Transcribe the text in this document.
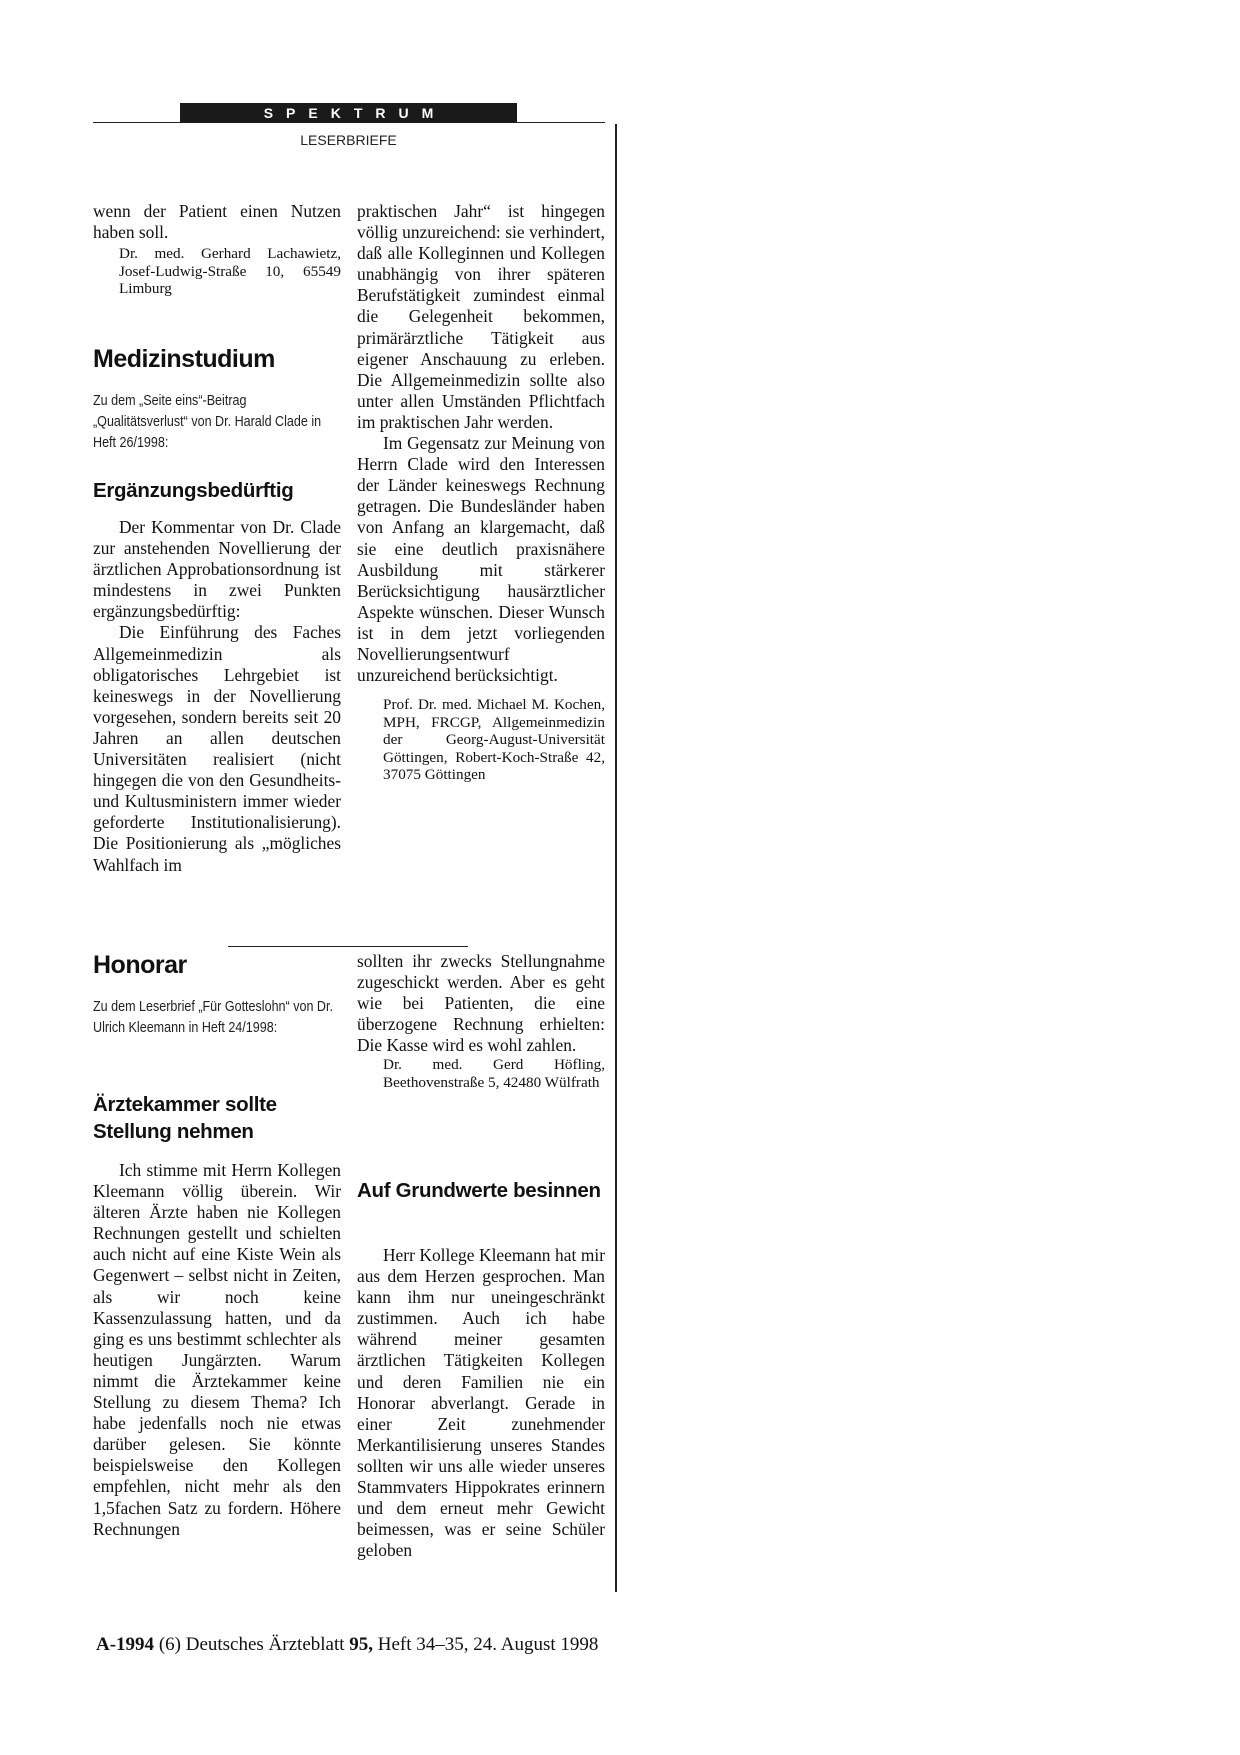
SPEKTRUM
LESERBRIEFE

wenn der Patient einen Nutzen haben soll.

Dr. med. Gerhard Lachawietz, Josef-Ludwig-Straße 10, 65549 Limburg

Medizinstudium

Zu dem „Seite eins“-Beitrag „Qualitätsverlust“ von Dr. Harald Clade in Heft 26/1998:

Ergänzungsbedürftig

Der Kommentar von Dr. Clade zur anstehenden Novellierung der ärztlichen Approbationsordnung ist mindestens in zwei Punkten ergänzungsbedürftig:

Die Einführung des Faches Allgemeinmedizin als obligatorisches Lehrgebiet ist keineswegs in der Novellierung vorgesehen, sondern bereits seit 20 Jahren an allen deutschen Universitäten realisiert (nicht hingegen die von den Gesundheits- und Kultusministern immer wieder geforderte Institutionalisierung). Die Positionierung als „mögliches Wahlfach im

praktischen Jahr“ ist hingegen völlig unzureichend: sie verhindert, daß alle Kolleginnen und Kollegen unabhängig von ihrer späteren Berufstätigkeit zumindest einmal die Gelegenheit bekommen, primärärztliche Tätigkeit aus eigener Anschauung zu erleben. Die Allgemeinmedizin sollte also unter allen Umständen Pflichtfach im praktischen Jahr werden.

Im Gegensatz zur Meinung von Herrn Clade wird den Interessen der Länder keineswegs Rechnung getragen. Die Bundesländer haben von Anfang an klargemacht, daß sie eine deutlich praxisnähere Ausbildung mit stärkerer Berücksichtigung hausärztlicher Aspekte wünschen. Dieser Wunsch ist in dem jetzt vorliegenden Novellierungsentwurf unzureichend berücksichtigt.

Prof. Dr. med. Michael M. Kochen, MPH, FRCGP, Allgemeinmedizin der Georg-August-Universität Göttingen, Robert-Koch-Straße 42, 37075 Göttingen

Honorar

Zu dem Leserbrief „Für Gotteslohn“ von Dr. Ulrich Kleemann in Heft 24/1998:

Ärztekammer sollte Stellung nehmen

Ich stimme mit Herrn Kollegen Kleemann völlig überein. Wir älteren Ärzte haben nie Kollegen Rechnungen gestellt und schielten auch nicht auf eine Kiste Wein als Gegenwert – selbst nicht in Zeiten, als wir noch keine Kassenzulassung hatten, und da ging es uns bestimmt schlechter als heutigen Jungärzten. Warum nimmt die Ärztekammer keine Stellung zu diesem Thema? Ich habe jedenfalls noch nie etwas darüber gelesen. Sie könnte beispielsweise den Kollegen empfehlen, nicht mehr als den 1,5fachen Satz zu fordern. Höhere Rechnungen

sollten ihr zwecks Stellungnahme zugeschickt werden. Aber es geht wie bei Patienten, die eine überzogene Rechnung erhielten: Die Kasse wird es wohl zahlen.

Dr. med. Gerd Höfling, Beethovenstraße 5, 42480 Wülfrath

Auf Grundwerte besinnen

Herr Kollege Kleemann hat mir aus dem Herzen gesprochen. Man kann ihm nur uneingeschränkt zustimmen. Auch ich habe während meiner gesamten ärztlichen Tätigkeiten Kollegen und deren Familien nie ein Honorar abverlangt. Gerade in einer Zeit zunehmender Merkantilisierung unseres Standes sollten wir uns alle wieder unseres Stammvaters Hippokrates erinnern und dem erneut mehr Gewicht beimessen, was er seine Schüler geloben

A-1994 (6) Deutsches Ärzteblatt 95, Heft 34–35, 24. August 1998
